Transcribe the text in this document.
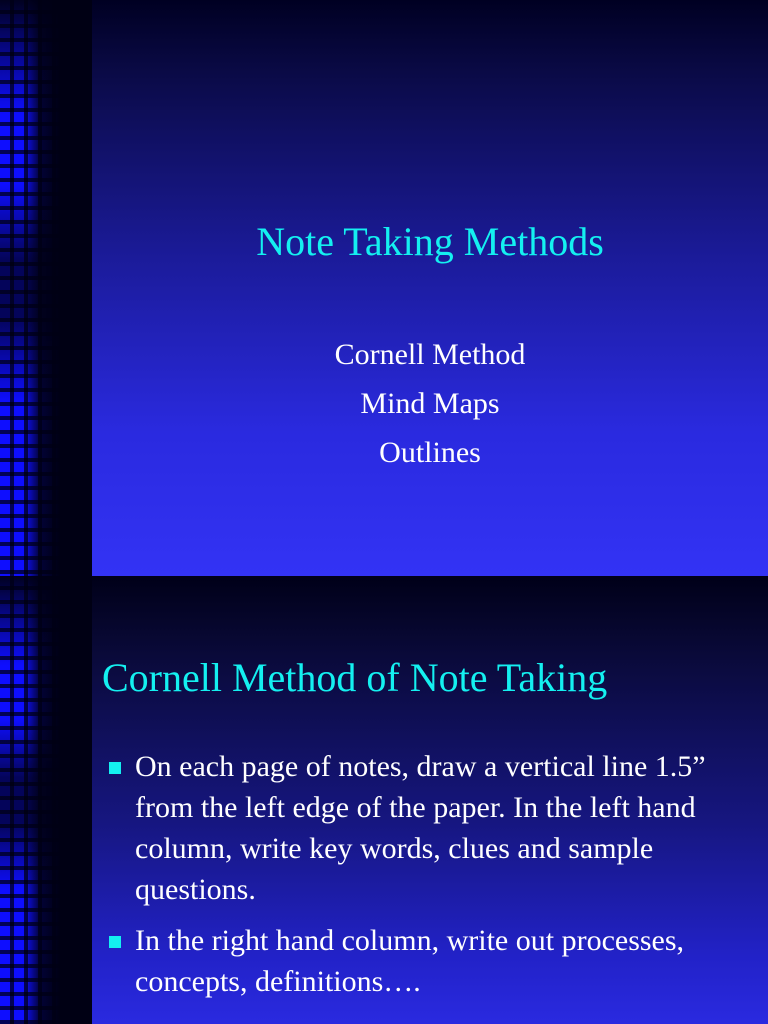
Note Taking Methods
Cornell Method
Mind Maps
Outlines
Cornell Method of Note Taking
On each page of notes, draw a vertical line 1.5” from the left edge of the paper. In the left hand column, write key words, clues and sample questions.
In the right hand column, write out processes, concepts, definitions….
